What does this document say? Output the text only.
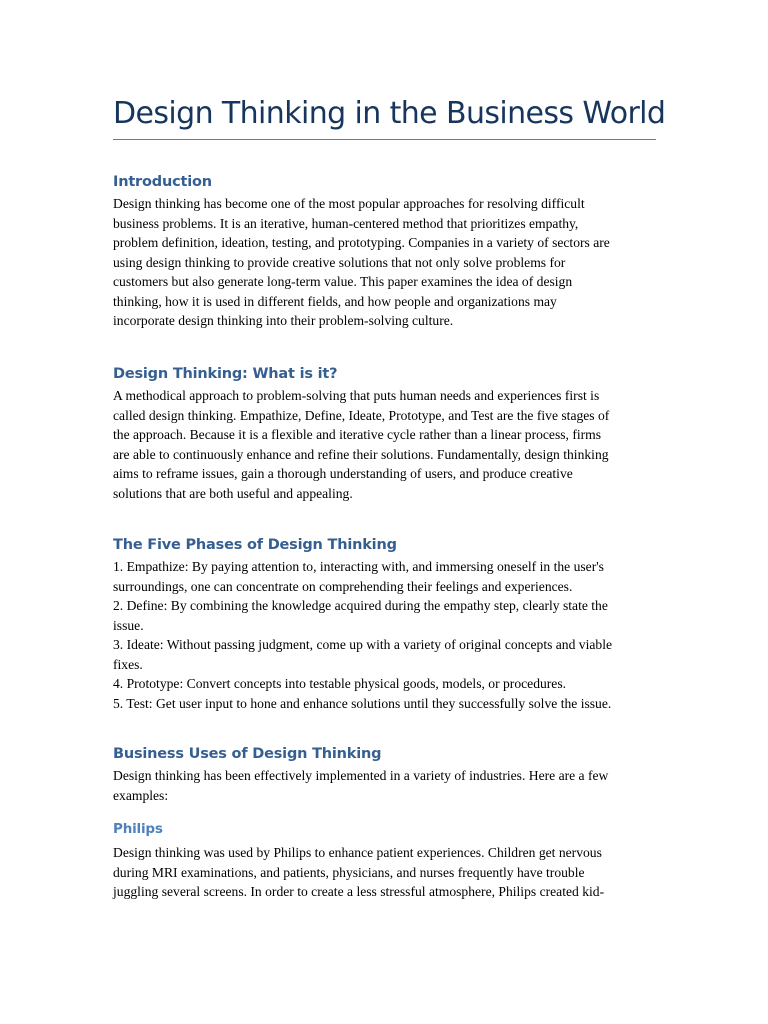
Design Thinking in the Business World
Introduction
Design thinking has become one of the most popular approaches for resolving difficult
business problems. It is an iterative, human-centered method that prioritizes empathy,
problem definition, ideation, testing, and prototyping. Companies in a variety of sectors are
using design thinking to provide creative solutions that not only solve problems for
customers but also generate long-term value. This paper examines the idea of design
thinking, how it is used in different fields, and how people and organizations may
incorporate design thinking into their problem-solving culture.
Design Thinking: What is it?
A methodical approach to problem-solving that puts human needs and experiences first is
called design thinking. Empathize, Define, Ideate, Prototype, and Test are the five stages of
the approach. Because it is a flexible and iterative cycle rather than a linear process, firms
are able to continuously enhance and refine their solutions. Fundamentally, design thinking
aims to reframe issues, gain a thorough understanding of users, and produce creative
solutions that are both useful and appealing.
The Five Phases of Design Thinking
1. Empathize: By paying attention to, interacting with, and immersing oneself in the user's
surroundings, one can concentrate on comprehending their feelings and experiences.
2. Define: By combining the knowledge acquired during the empathy step, clearly state the
issue.
3. Ideate: Without passing judgment, come up with a variety of original concepts and viable
fixes.
4. Prototype: Convert concepts into testable physical goods, models, or procedures.
5. Test: Get user input to hone and enhance solutions until they successfully solve the issue.
Business Uses of Design Thinking
Design thinking has been effectively implemented in a variety of industries. Here are a few
examples:
Philips
Design thinking was used by Philips to enhance patient experiences. Children get nervous
during MRI examinations, and patients, physicians, and nurses frequently have trouble
juggling several screens. In order to create a less stressful atmosphere, Philips created kid-
